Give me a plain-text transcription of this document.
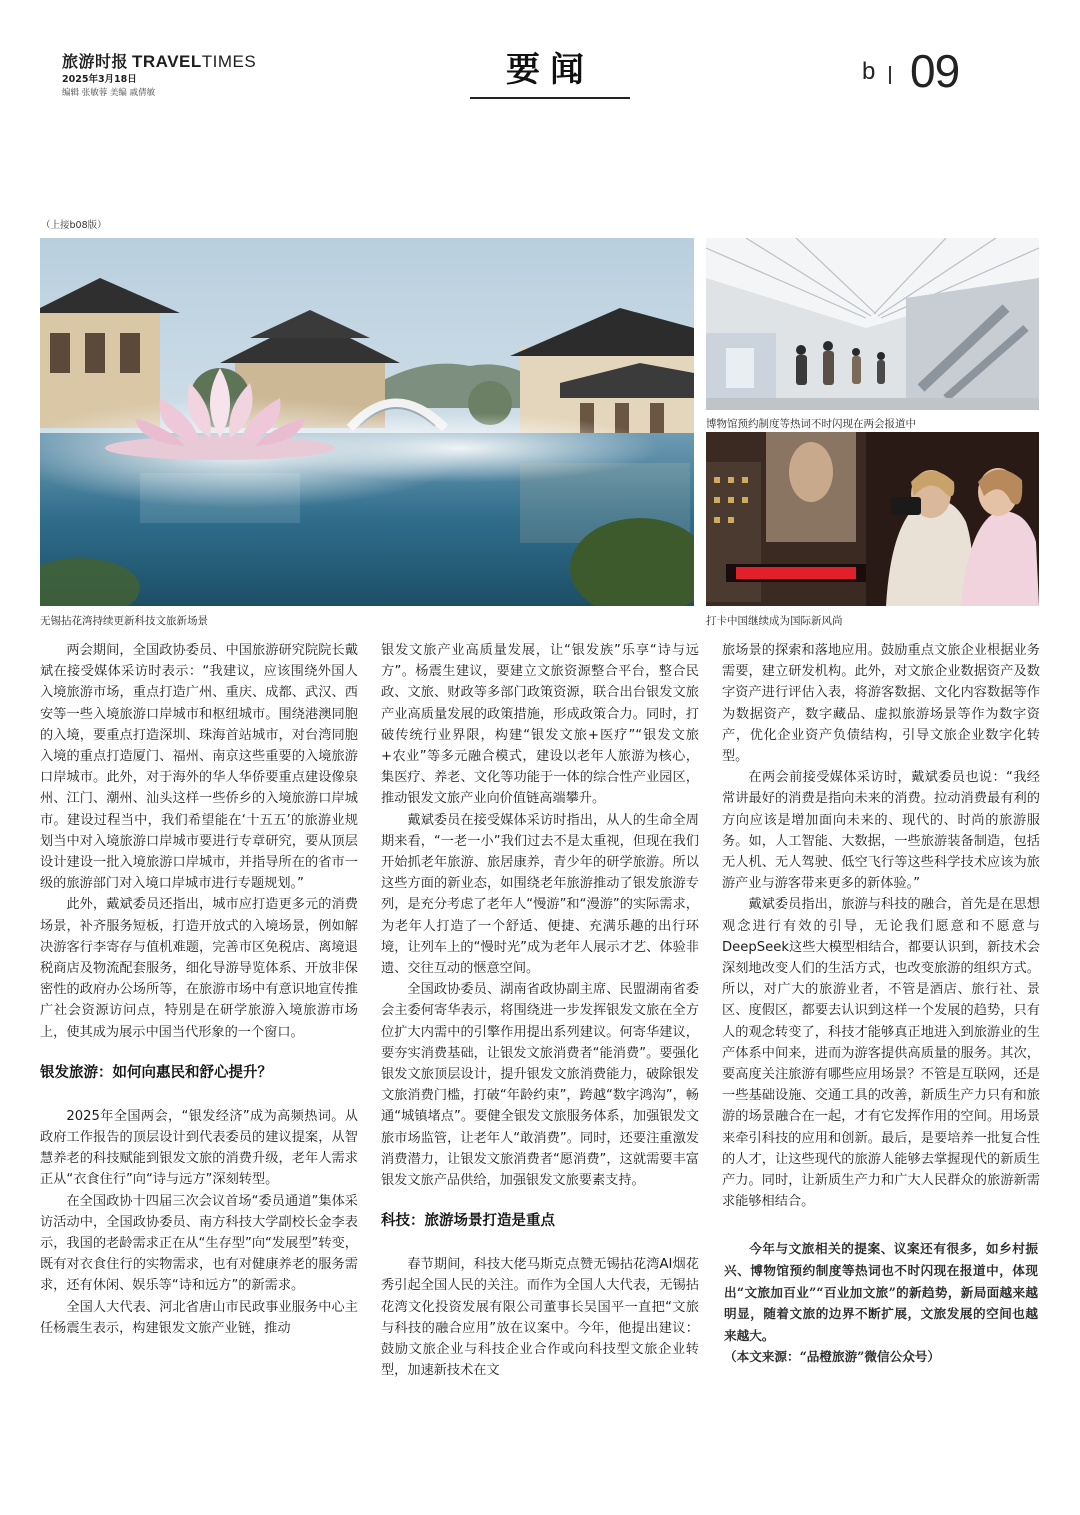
旅游时报 TRAVELTIMES
2025年3月18日
编辑 张敏蓉 美编 戚倩敏
要闻	b 09
（上接b08版）
无锡拈花湾持续更新科技文旅新场景
博物馆预约制度等热词不时闪现在两会报道中
打卡中国继续成为国际新风尚

两会期间，全国政协委员、中国旅游研究院院长戴斌在接受媒体采访时表示：“我建议，应该围绕外国人入境旅游市场，重点打造广州、重庆、成都、武汉、西安等一些入境旅游口岸城市和枢纽城市。围绕港澳同胞的入境，要重点打造深圳、珠海首站城市，对台湾同胞入境的重点打造厦门、福州、南京这些重要的入境旅游口岸城市。此外，对于海外的华人华侨要重点建设像泉州、江门、潮州、汕头这样一些侨乡的入境旅游口岸城市。建设过程当中，我们希望能在‘十五五’的旅游业规划当中对入境旅游口岸城市要进行专章研究，要从顶层设计建设一批入境旅游口岸城市，并指导所在的省市一级的旅游部门对入境口岸城市进行专题规划。”

此外，戴斌委员还指出，城市应打造更多元的消费场景，补齐服务短板，打造开放式的入境场景，例如解决游客行李寄存与值机难题，完善市区免税店、离境退税商店及物流配套服务，细化导游导览体系、开放非保密性的政府办公场所等，在旅游市场中有意识地宣传推广社会资源访问点，特别是在研学旅游入境旅游市场上，使其成为展示中国当代形象的一个窗口。

银发旅游：如何向惠民和舒心提升？

2025年全国两会，“银发经济”成为高频热词。从政府工作报告的顶层设计到代表委员的建议提案，从智慧养老的科技赋能到银发文旅的消费升级，老年人需求正从“衣食住行”向“诗与远方”深刻转型。

在全国政协十四届三次会议首场“委员通道”集体采访活动中，全国政协委员、南方科技大学副校长金李表示，我国的老龄需求正在从“生存型”向“发展型”转变，既有对衣食住行的实物需求，也有对健康养老的服务需求，还有休闲、娱乐等“诗和远方”的新需求。

全国人大代表、河北省唐山市民政事业服务中心主任杨震生表示，构建银发文旅产业链，推动

银发文旅产业高质量发展，让“银发族”乐享“诗与远方”。杨震生建议，要建立文旅资源整合平台，整合民政、文旅、财政等多部门政策资源，联合出台银发文旅产业高质量发展的政策措施，形成政策合力。同时，打破传统行业界限，构建“银发文旅+医疗”“银发文旅+农业”等多元融合模式，建设以老年人旅游为核心，集医疗、养老、文化等功能于一体的综合性产业园区，推动银发文旅产业向价值链高端攀升。

戴斌委员在接受媒体采访时指出，从人的生命全周期来看，“一老一小”我们过去不是太重视，但现在我们开始抓老年旅游、旅居康养，青少年的研学旅游。所以这些方面的新业态，如围绕老年旅游推动了银发旅游专列，是充分考虑了老年人“慢游”和“漫游”的实际需求，为老年人打造了一个舒适、便捷、充满乐趣的出行环境，让列车上的“慢时光”成为老年人展示才艺、体验非遗、交往互动的惬意空间。

全国政协委员、湖南省政协副主席、民盟湖南省委会主委何寄华表示，将围绕进一步发挥银发文旅在全方位扩大内需中的引擎作用提出系列建议。何寄华建议，要夯实消费基础，让银发文旅消费者“能消费”。要强化银发文旅顶层设计，提升银发文旅消费能力，破除银发文旅消费门槛，打破“年龄约束”，跨越“数字鸿沟”，畅通“城镇堵点”。要健全银发文旅服务体系，加强银发文旅市场监管，让老年人“敢消费”。同时，还要注重激发消费潜力，让银发文旅消费者“愿消费”，这就需要丰富银发文旅产品供给，加强银发文旅要素支持。

科技：旅游场景打造是重点

春节期间，科技大佬马斯克点赞无锡拈花湾AI烟花秀引起全国人民的关注。而作为全国人大代表，无锡拈花湾文化投资发展有限公司董事长吴国平一直把“文旅与科技的融合应用”放在议案中。今年，他提出建议：鼓励文旅企业与科技企业合作或向科技型文旅企业转型，加速新技术在文

旅场景的探索和落地应用。鼓励重点文旅企业根据业务需要，建立研发机构。此外，对文旅企业数据资产及数字资产进行评估入表，将游客数据、文化内容数据等作为数据资产，数字藏品、虚拟旅游场景等作为数字资产，优化企业资产负债结构，引导文旅企业数字化转型。

在两会前接受媒体采访时，戴斌委员也说：“我经常讲最好的消费是指向未来的消费。拉动消费最有利的方向应该是增加面向未来的、现代的、时尚的旅游服务。如，人工智能、大数据，一些旅游装备制造，包括无人机、无人驾驶、低空飞行等这些科学技术应该为旅游产业与游客带来更多的新体验。”

戴斌委员指出，旅游与科技的融合，首先是在思想观念进行有效的引导，无论我们愿意和不愿意与DeepSeek这些大模型相结合，都要认识到，新技术会深刻地改变人们的生活方式，也改变旅游的组织方式。所以，对广大的旅游业者，不管是酒店、旅行社、景区、度假区，都要去认识到这样一个发展的趋势，只有人的观念转变了，科技才能够真正地进入到旅游业的生产体系中间来，进而为游客提供高质量的服务。其次，要高度关注旅游有哪些应用场景？不管是互联网，还是一些基础设施、交通工具的改善，新质生产力只有和旅游的场景融合在一起，才有它发挥作用的空间。用场景来牵引科技的应用和创新。最后，是要培养一批复合性的人才，让这些现代的旅游人能够去掌握现代的新质生产力。同时，让新质生产力和广大人民群众的旅游新需求能够相结合。

今年与文旅相关的提案、议案还有很多，如乡村振兴、博物馆预约制度等热词也不时闪现在报道中，体现出“文旅加百业”“百业加文旅”的新趋势，新局面越来越明显，随着文旅的边界不断扩展，文旅发展的空间也越来越大。
（本文来源：“品橙旅游”微信公众号）
